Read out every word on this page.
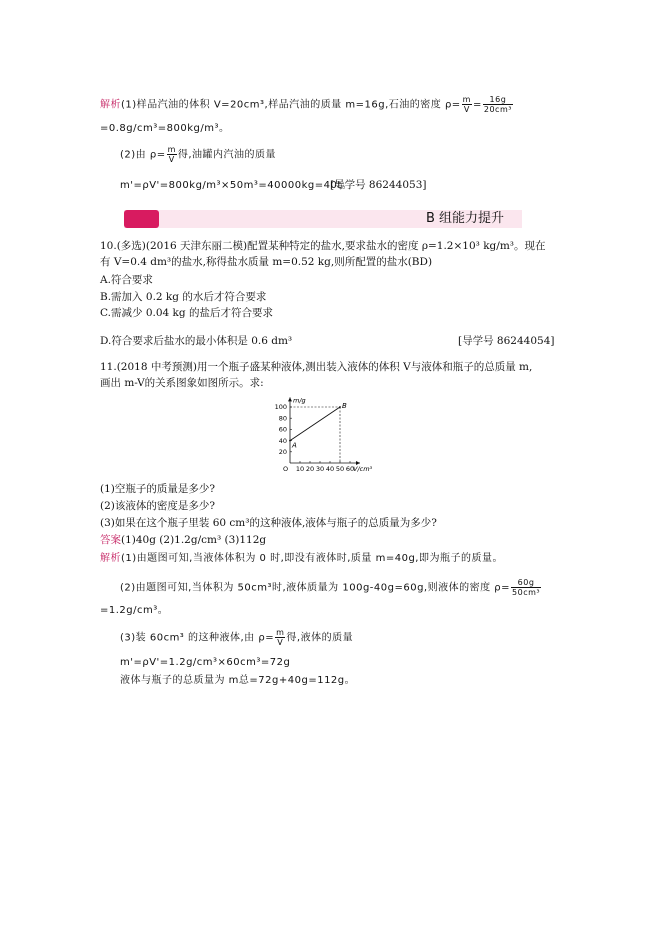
解析(1)样品汽油的体积 V=20cm³,样品汽油的质量 m=16g,石油的密度 $\rho= \frac{m}{V} = \frac{16g}{\text{20cm³}}$
=0.8g/cm³=800kg/m³。
(2)由 $\rho= \frac{m}{V}$ 得,油罐内汽油的质量
m'=ρV'=800kg/m³×50m³=40000kg=40t。
[导学号 86244053]
B 组能力提升
10.(多选)(2016 天津东丽二模)配置某种特定的盐水,要求盐水的密度 ρ=1.2×10³ kg/m³。现在
有 V=0.4 dm³的盐水,称得盐水质量 m=0.52 kg,则所配置的盐水(BD)
A.符合要求
B.需加入 0.2 kg 的水后才符合要求
C.需减少 0.04 kg 的盐后才符合要求
D.符合要求后盐水的最小体积是 0.6 dm³	[导学号 86244054]
11.(2018 中考预测)用一个瓶子盛某种液体,测出装入液体的体积 V与液体和瓶子的总质量 m,
画出 m-V的关系图象如图所示。求:
10 20 30 40 50 60
20
40
60
80
100
O	V/cm³
m/g
A
B
(1)空瓶子的质量是多少?
(2)该液体的密度是多少?
(3)如果在这个瓶子里装 60 cm³的这种液体,液体与瓶子的总质量为多少?
答案(1)40g (2)1.2g/cm³ (3)112g
解析(1)由题图可知,当液体体积为 0 时,即没有液体时,质量 m=40g,即为瓶子的质量。
(2)由题图可知,当体积为 50cm³时,液体质量为 100g-40g=60g,则液体的密度 $\rho= \frac{60g}{\text{50cm³}}$
=1.2g/cm³。
(3)装 60cm³ 的这种液体,由 $\rho= \frac{m}{V}$ 得,液体的质量
m'=ρV'=1.2g/cm³×60cm³=72g
液体与瓶子的总质量为 m总=72g+40g=112g。
